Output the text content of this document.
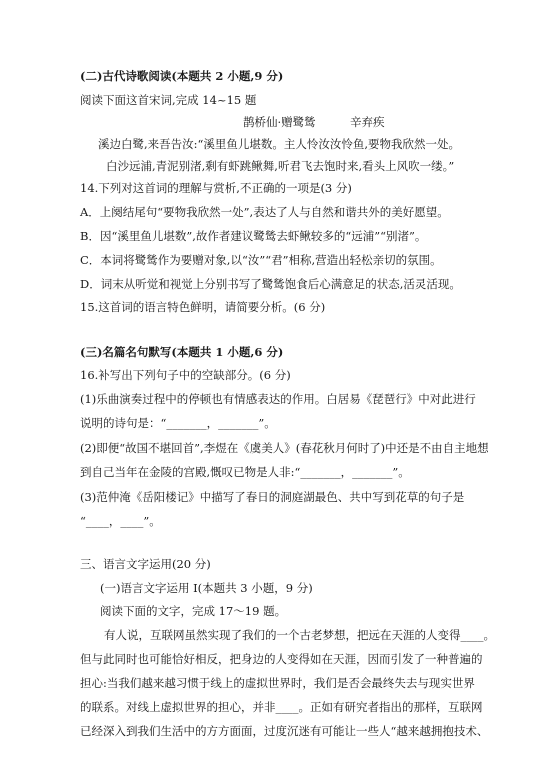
(二)古代诗歌阅读(本题共 2 小题,9 分)
阅读下面这首宋词,完成 14~15 题
鹊桥仙·赠鹭鸶	辛弃疾
溪边白鹭,来吾告汝:“溪里鱼儿堪数。主人怜汝汝怜鱼,要物我欣然一处。
白沙远浦,青泥别渚,剩有虾跳鳅舞,听君飞去饱时来,看头上风吹一缕。”
14.下列对这首词的理解与赏析,不正确的一项是(3 分)
A．上阕结尾句“要物我欣然一处”,表达了人与自然和谐共外的美好愿望。
B．因“溪里鱼儿堪数”,故作者建议鹭鸶去虾鳅较多的“远浦”“别渚”。
C．本词将鹭鸶作为要赠对象,以“汝”“君”相称,营造出轻松亲切的氛围。
D．词末从听觉和视觉上分别书写了鹭鸶饱食后心满意足的状态,活灵活现。
15.这首词的语言特色鲜明，请简要分析。(6 分)
(三)名篇名句默写(本题共 1 小题,6 分)
16.补写出下列句子中的空缺部分。(6 分)
(1)乐曲演奏过程中的停顿也有情感表达的作用。白居易《琵琶行》中对此进行
说明的诗句是：“_______，_______”。
(2)即便“故国不堪回首”,李煜在《虞美人》(春花秋月何时了)中还是不由自主地想
到自己当年在金陵的宫殿,慨叹已物是人非:“_______，_______”。
(3)范仲淹《岳阳楼记》中描写了春日的洞庭湖最色、共中写到花草的句子是
“____，____”。
三、语言文字运用(20 分)
(一)语言文字运用 I(本题共 3 小题，9 分)
阅读下面的文字，完成 17～19 题。
有人说，互联网虽然实现了我们的一个古老梦想，把远在天涯的人变得____。
但与此同时也可能恰好相反，把身边的人变得如在天涯，因而引发了一种普遍的
担心:当我们越来越习惯于线上的虚拟世界时，我们是否会最终失去与现实世界
的联系。对线上虚拟世界的担心，并非____。正如有研究者指出的那样，互联网
已经深入到我们生活中的方方面面，过度沉迷有可能让一些人“越来越拥抱技术、
